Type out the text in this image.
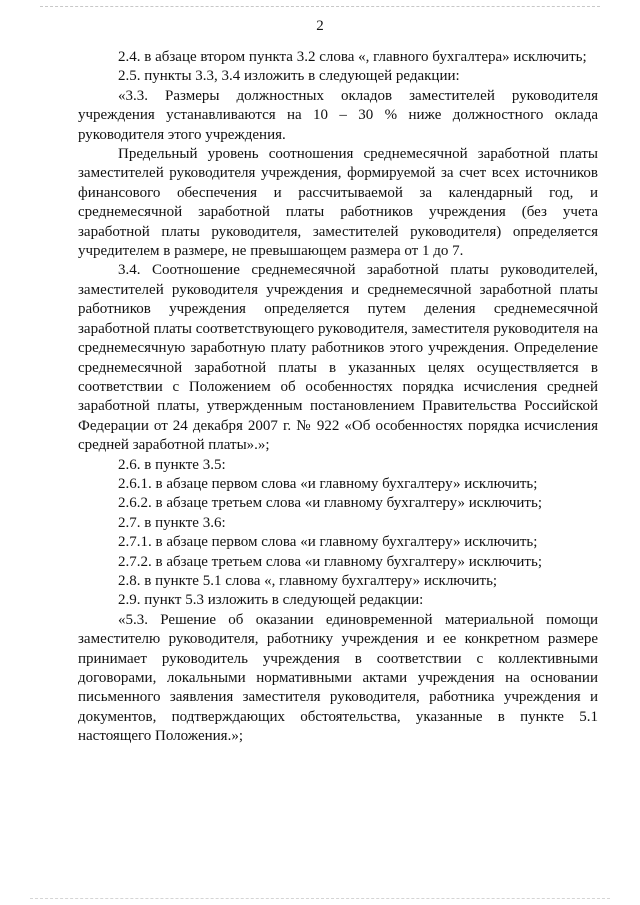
2

2.4. в абзаце втором пункта 3.2 слова «, главного бухгалтера» исключить;

2.5. пункты 3.3, 3.4 изложить в следующей редакции:

«3.3. Размеры должностных окладов заместителей руководителя учреждения устанавливаются на 10 – 30 % ниже должностного оклада руководителя этого учреждения.

Предельный уровень соотношения среднемесячной заработной платы заместителей руководителя учреждения, формируемой за счет всех источников финансового обеспечения и рассчитываемой за календарный год, и среднемесячной заработной платы работников учреждения (без учета заработной платы руководителя, заместителей руководителя) определяется учредителем в размере, не превышающем размера от 1 до 7.

3.4. Соотношение среднемесячной заработной платы руководителей, заместителей руководителя учреждения и среднемесячной заработной платы работников учреждения определяется путем деления среднемесячной заработной платы соответствующего руководителя, заместителя руководителя на среднемесячную заработную плату работников этого учреждения. Определение среднемесячной заработной платы в указанных целях осуществляется в соответствии с Положением об особенностях порядка исчисления средней заработной платы, утвержденным постановлением Правительства Российской Федерации от 24 декабря 2007 г. № 922 «Об особенностях порядка исчисления средней заработной платы».»;

2.6. в пункте 3.5:

2.6.1. в абзаце первом слова «и главному бухгалтеру» исключить;

2.6.2. в абзаце третьем слова «и главному бухгалтеру» исключить;

2.7. в пункте 3.6:

2.7.1. в абзаце первом слова «и главному бухгалтеру» исключить;

2.7.2. в абзаце третьем слова «и главному бухгалтеру» исключить;

2.8. в пункте 5.1 слова «, главному бухгалтеру» исключить;

2.9. пункт 5.3 изложить в следующей редакции:

«5.3. Решение об оказании единовременной материальной помощи заместителю руководителя, работнику учреждения и ее конкретном размере принимает руководитель учреждения в соответствии с коллективными договорами, локальными нормативными актами учреждения на основании письменного заявления заместителя руководителя, работника учреждения и документов, подтверждающих обстоятельства, указанные в пункте 5.1 настоящего Положения.»;
